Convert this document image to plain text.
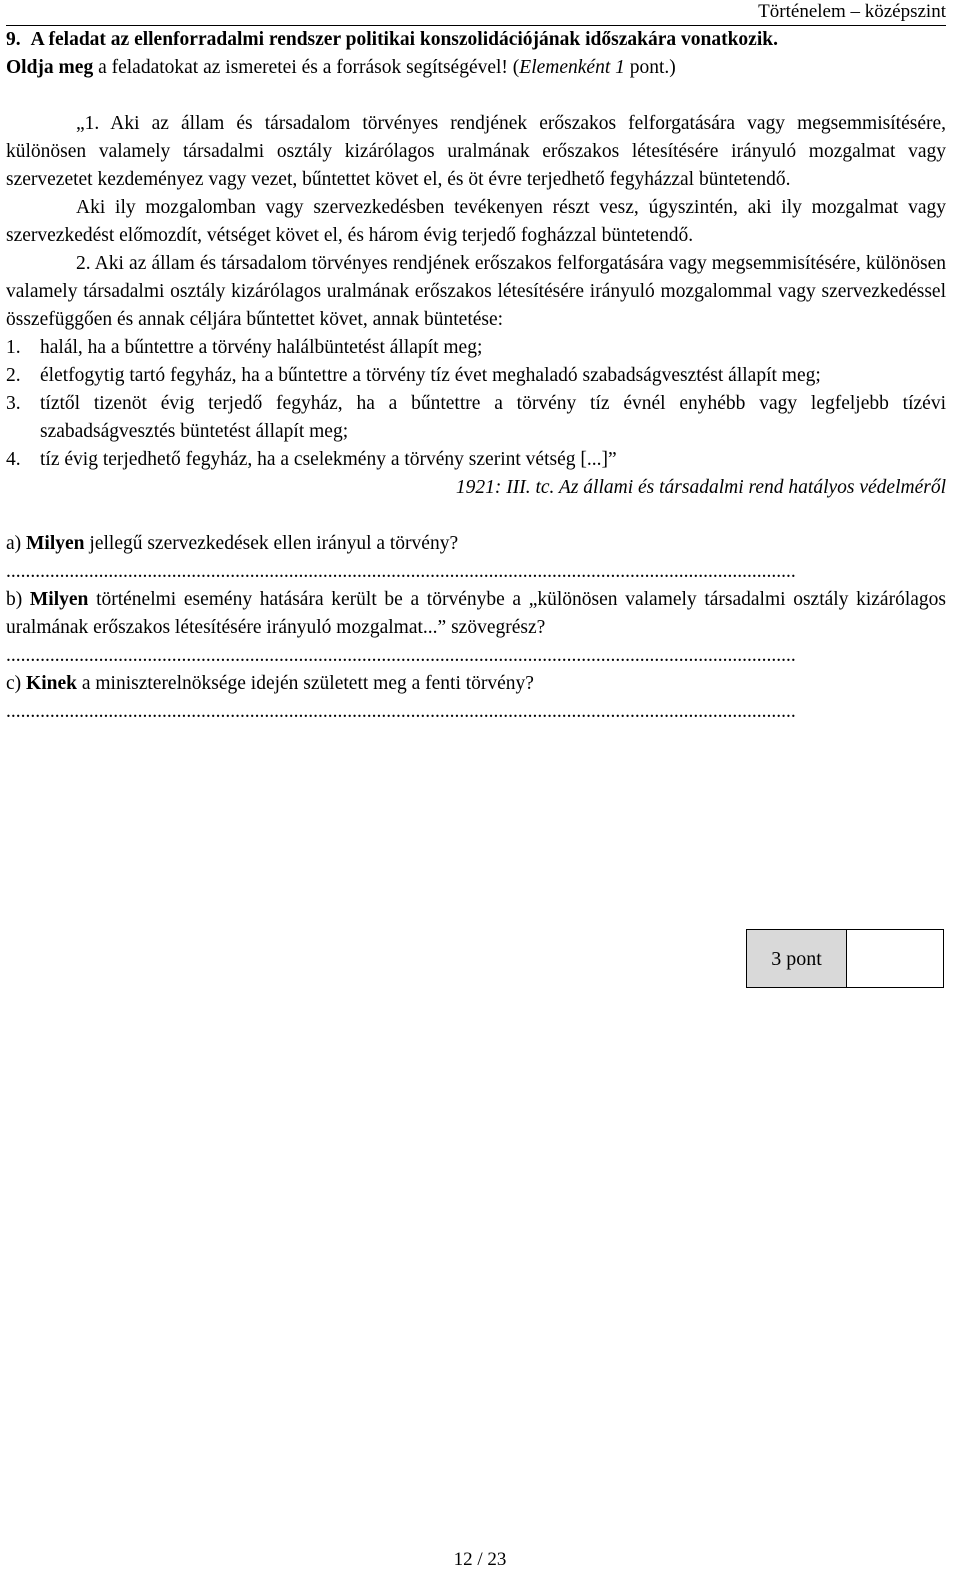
Történelem – középszint

9. A feladat az ellenforradalmi rendszer politikai konszolidációjának időszakára vonatkozik.

Oldja meg a feladatokat az ismeretei és a források segítségével! (Elemenként 1 pont.)

„1. Aki az állam és társadalom törvényes rendjének erőszakos felforgatására vagy megsemmisítésére, különösen valamely társadalmi osztály kizárólagos uralmának erőszakos létesítésére irányuló mozgalmat vagy szervezetet kezdeményez vagy vezet, bűntettet követ el, és öt évre terjedhető fegyházzal büntetendő.

Aki ily mozgalomban vagy szervezkedésben tevékenyen részt vesz, úgyszintén, aki ily mozgalmat vagy szervezkedést előmozdít, vétséget követ el, és három évig terjedő fogházzal büntetendő.

2. Aki az állam és társadalom törvényes rendjének erőszakos felforgatására vagy megsemmisítésére, különösen valamely társadalmi osztály kizárólagos uralmának erőszakos létesítésére irányuló mozgalommal vagy szervezkedéssel összefüggően és annak céljára bűntettet követ, annak büntetése:

1. halál, ha a bűntettre a törvény halálbüntetést állapít meg;
2. életfogytig tartó fegyház, ha a bűntettre a törvény tíz évet meghaladó szabadságvesztést állapít meg;
3. tíztől tizenöt évig terjedő fegyház, ha a bűntettre a törvény tíz évnél enyhébb vagy legfeljebb tízévi szabadságvesztés büntetést állapít meg;
4. tíz évig terjedhető fegyház, ha a cselekmény a törvény szerint vétség [...]”

1921: III. tc. Az állami és társadalmi rend hatályos védelméről

a) Milyen jellegű szervezkedések ellen irányul a törvény?

..................................................................................................................................................................

b) Milyen történelmi esemény hatására került be a törvénybe a „különösen valamely társadalmi osztály kizárólagos uralmának erőszakos létesítésére irányuló mozgalmat...” szövegrész?

..................................................................................................................................................................

c) Kinek a miniszterelnöksége idején született meg a fenti törvény?

..................................................................................................................................................................
3 pont
12 / 23
